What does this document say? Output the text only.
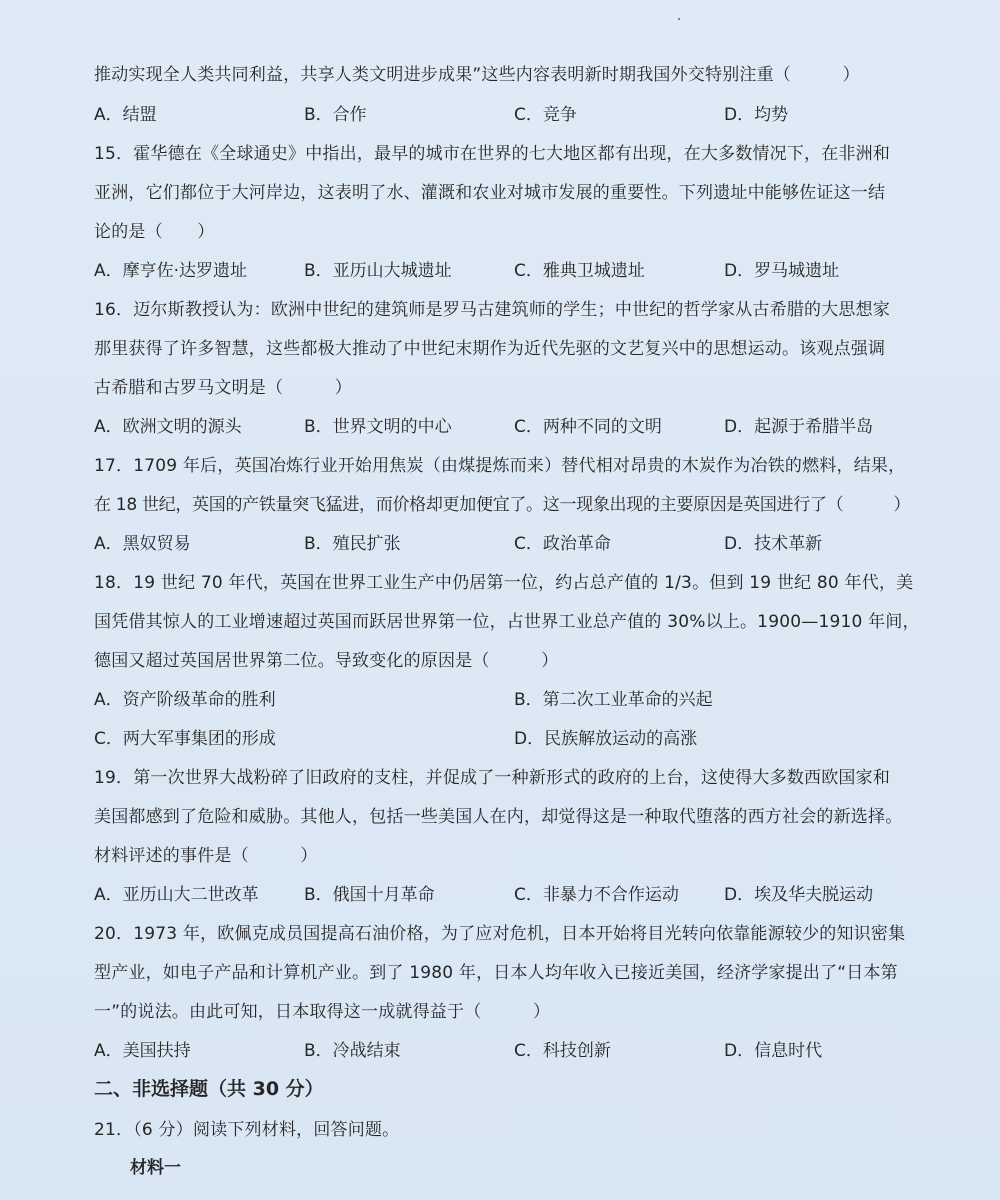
推动实现全人类共同利益，共享人类文明进步成果”这些内容表明新时期我国外交特别注重（　　　）
A．结盟	B．合作	C．竞争	D．均势
15．霍华德在《全球通史》中指出，最早的城市在世界的七大地区都有出现，在大多数情况下，在非洲和
亚洲，它们都位于大河岸边，这表明了水、灌溉和农业对城市发展的重要性。下列遗址中能够佐证这一结
论的是（　　）
A．摩亨佐·达罗遗址	B．亚历山大城遗址	C．雅典卫城遗址	D．罗马城遗址
16．迈尔斯教授认为：欧洲中世纪的建筑师是罗马古建筑师的学生；中世纪的哲学家从古希腊的大思想家
那里获得了许多智慧，这些都极大推动了中世纪末期作为近代先驱的文艺复兴中的思想运动。该观点强调
古希腊和古罗马文明是（　　　）
A．欧洲文明的源头	B．世界文明的中心	C．两种不同的文明	D．起源于希腊半岛
17．1709 年后，英国冶炼行业开始用焦炭（由煤提炼而来）替代相对昂贵的木炭作为冶铁的燃料，结果，
在 18 世纪，英国的产铁量突飞猛进，而价格却更加便宜了。这一现象出现的主要原因是英国进行了（　　　）
A．黑奴贸易	B．殖民扩张	C．政治革命	D．技术革新
18．19 世纪 70 年代，英国在世界工业生产中仍居第一位，约占总产值的 1/3。但到 19 世纪 80 年代，美
国凭借其惊人的工业增速超过英国而跃居世界第一位，占世界工业总产值的 30%以上。1900—1910 年间，
德国又超过英国居世界第二位。导致变化的原因是（　　　）
A．资产阶级革命的胜利	B．第二次工业革命的兴起
C．两大军事集团的形成	D．民族解放运动的高涨
19．第一次世界大战粉碎了旧政府的支柱，并促成了一种新形式的政府的上台，这使得大多数西欧国家和
美国都感到了危险和威胁。其他人，包括一些美国人在内，却觉得这是一种取代堕落的西方社会的新选择。
材料评述的事件是（　　　）
A．亚历山大二世改革	B．俄国十月革命	C．非暴力不合作运动	D．埃及华夫脱运动
20．1973 年，欧佩克成员国提高石油价格，为了应对危机，日本开始将目光转向依靠能源较少的知识密集
型产业，如电子产品和计算机产业。到了 1980 年，日本人均年收入已接近美国，经济学家提出了“日本第
一”的说法。由此可知，日本取得这一成就得益于（　　　）
A．美国扶持	B．冷战结束	C．科技创新	D．信息时代
二、非选择题（共 30 分）
21．（6 分）阅读下列材料，回答问题。
材料一
